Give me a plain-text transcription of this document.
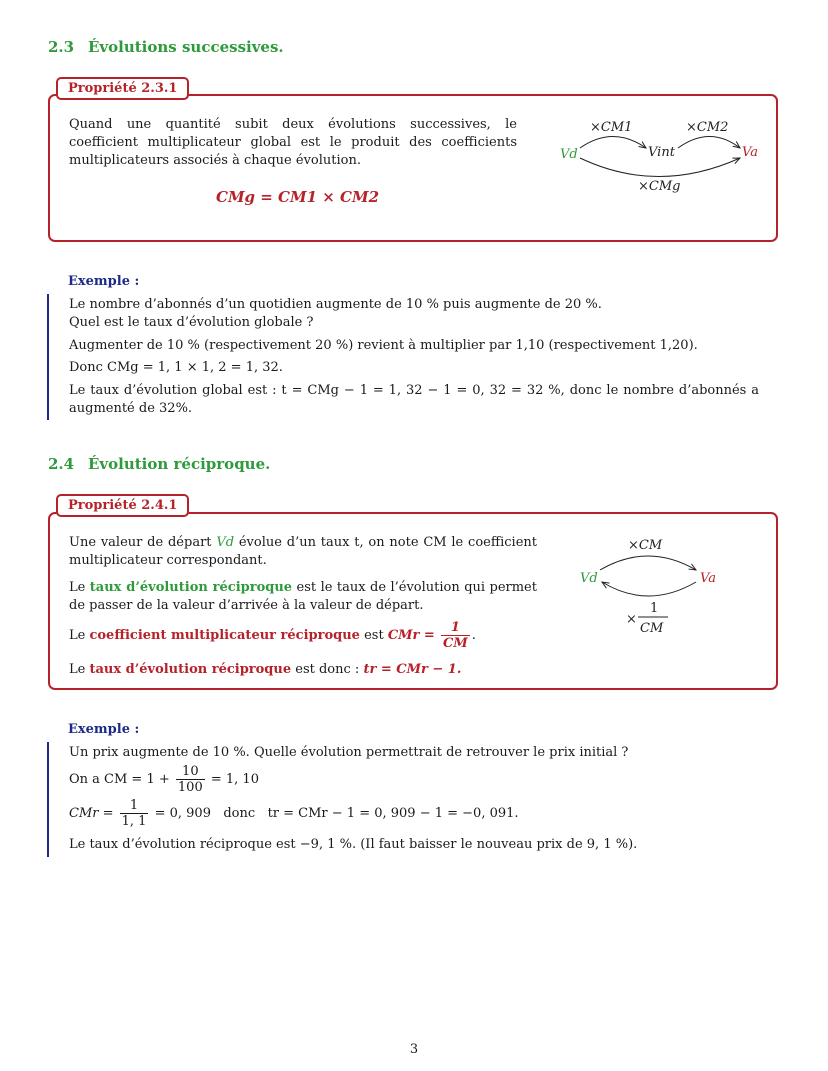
2.3 Évolutions successives.
Propriété 2.3.1
Quand une quantité subit deux évolutions successives, le coefficient multiplicateur global est le produit des coefficients multiplicateurs associés à chaque évolution.
CMg = CM1 × CM2
Vd	Vint	Va
×CM1	×CM2
×CMg
Exemple :
Le nombre d’abonnés d’un quotidien augmente de 10 % puis augmente de 20 %.
Quel est le taux d’évolution globale ?
Augmenter de 10 % (respectivement 20 %) revient à multiplier par 1,10 (respectivement 1,20).
Donc CMg = 1, 1 × 1, 2 = 1, 32.
Le taux d’évolution global est : t = CMg − 1 = 1, 32 − 1 = 0, 32 = 32 %, donc le nombre d’abonnés a augmenté de 32%.
2.4 Évolution réciproque.
Propriété 2.4.1
Une valeur de départ Vd évolue d’un taux t, on note CM le coefficient multiplicateur correspondant.
Le taux d’évolution réciproque est le taux de l’évolution qui permet de passer de la valeur d’arrivée à la valeur de départ.
Le coefficient multiplicateur réciproque est CMr = $\frac{1}{CM}$ .
Le taux d’évolution réciproque est donc : tr = CMr − 1.
Vd	Va
×CM
×
1
CM
Exemple :
Un prix augmente de 10 %. Quelle évolution permettrait de retrouver le prix initial ?
On a CM = $1 + \frac{10}{100} = 1$, 10
CMr = $\frac{1}{1, 1} = 0$, 909   donc   tr = CMr − 1 = 0, 909 − 1 = −0, 091.
Le taux d’évolution réciproque est −9, 1 %. (Il faut baisser le nouveau prix de 9, 1 %).
3
